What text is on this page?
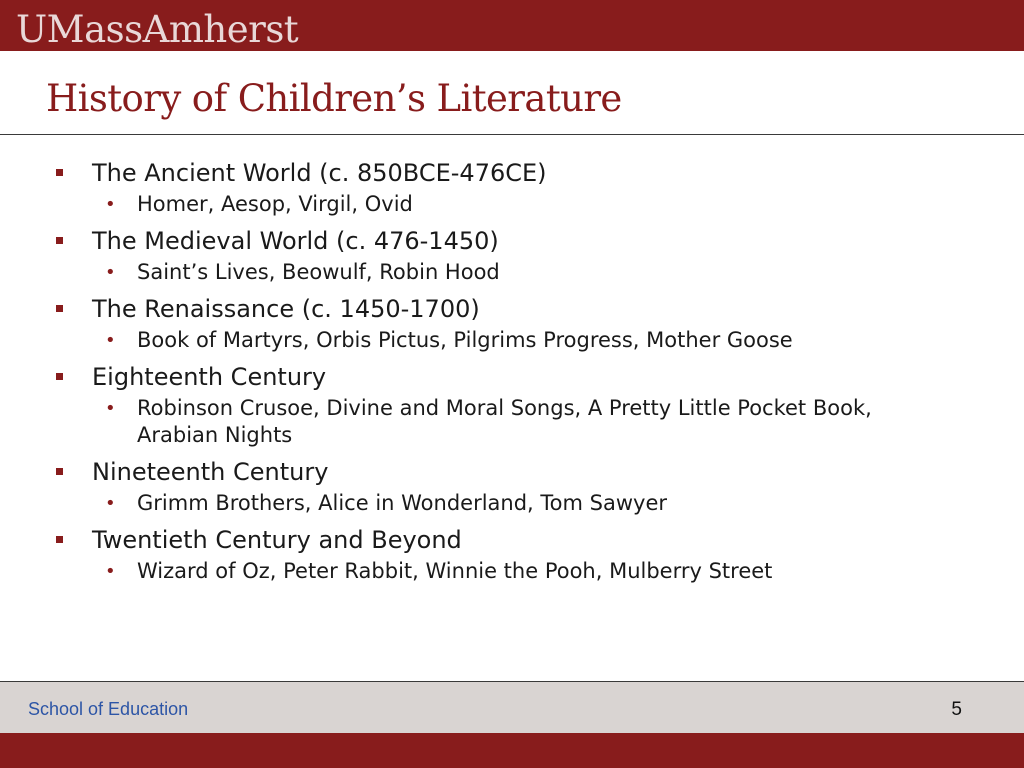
UMassAmherst
History of Children’s Literature
The Ancient World (c. 850BCE-476CE)
• Homer, Aesop, Virgil, Ovid
The Medieval World (c. 476-1450)
• Saint’s Lives, Beowulf, Robin Hood
The Renaissance (c. 1450-1700)
• Book of Martyrs, Orbis Pictus, Pilgrims Progress, Mother Goose
Eighteenth Century
• Robinson Crusoe, Divine and Moral Songs, A Pretty Little Pocket Book, Arabian Nights
Nineteenth Century
• Grimm Brothers, Alice in Wonderland, Tom Sawyer
Twentieth Century and Beyond
• Wizard of Oz, Peter Rabbit, Winnie the Pooh, Mulberry Street
School of Education	5
